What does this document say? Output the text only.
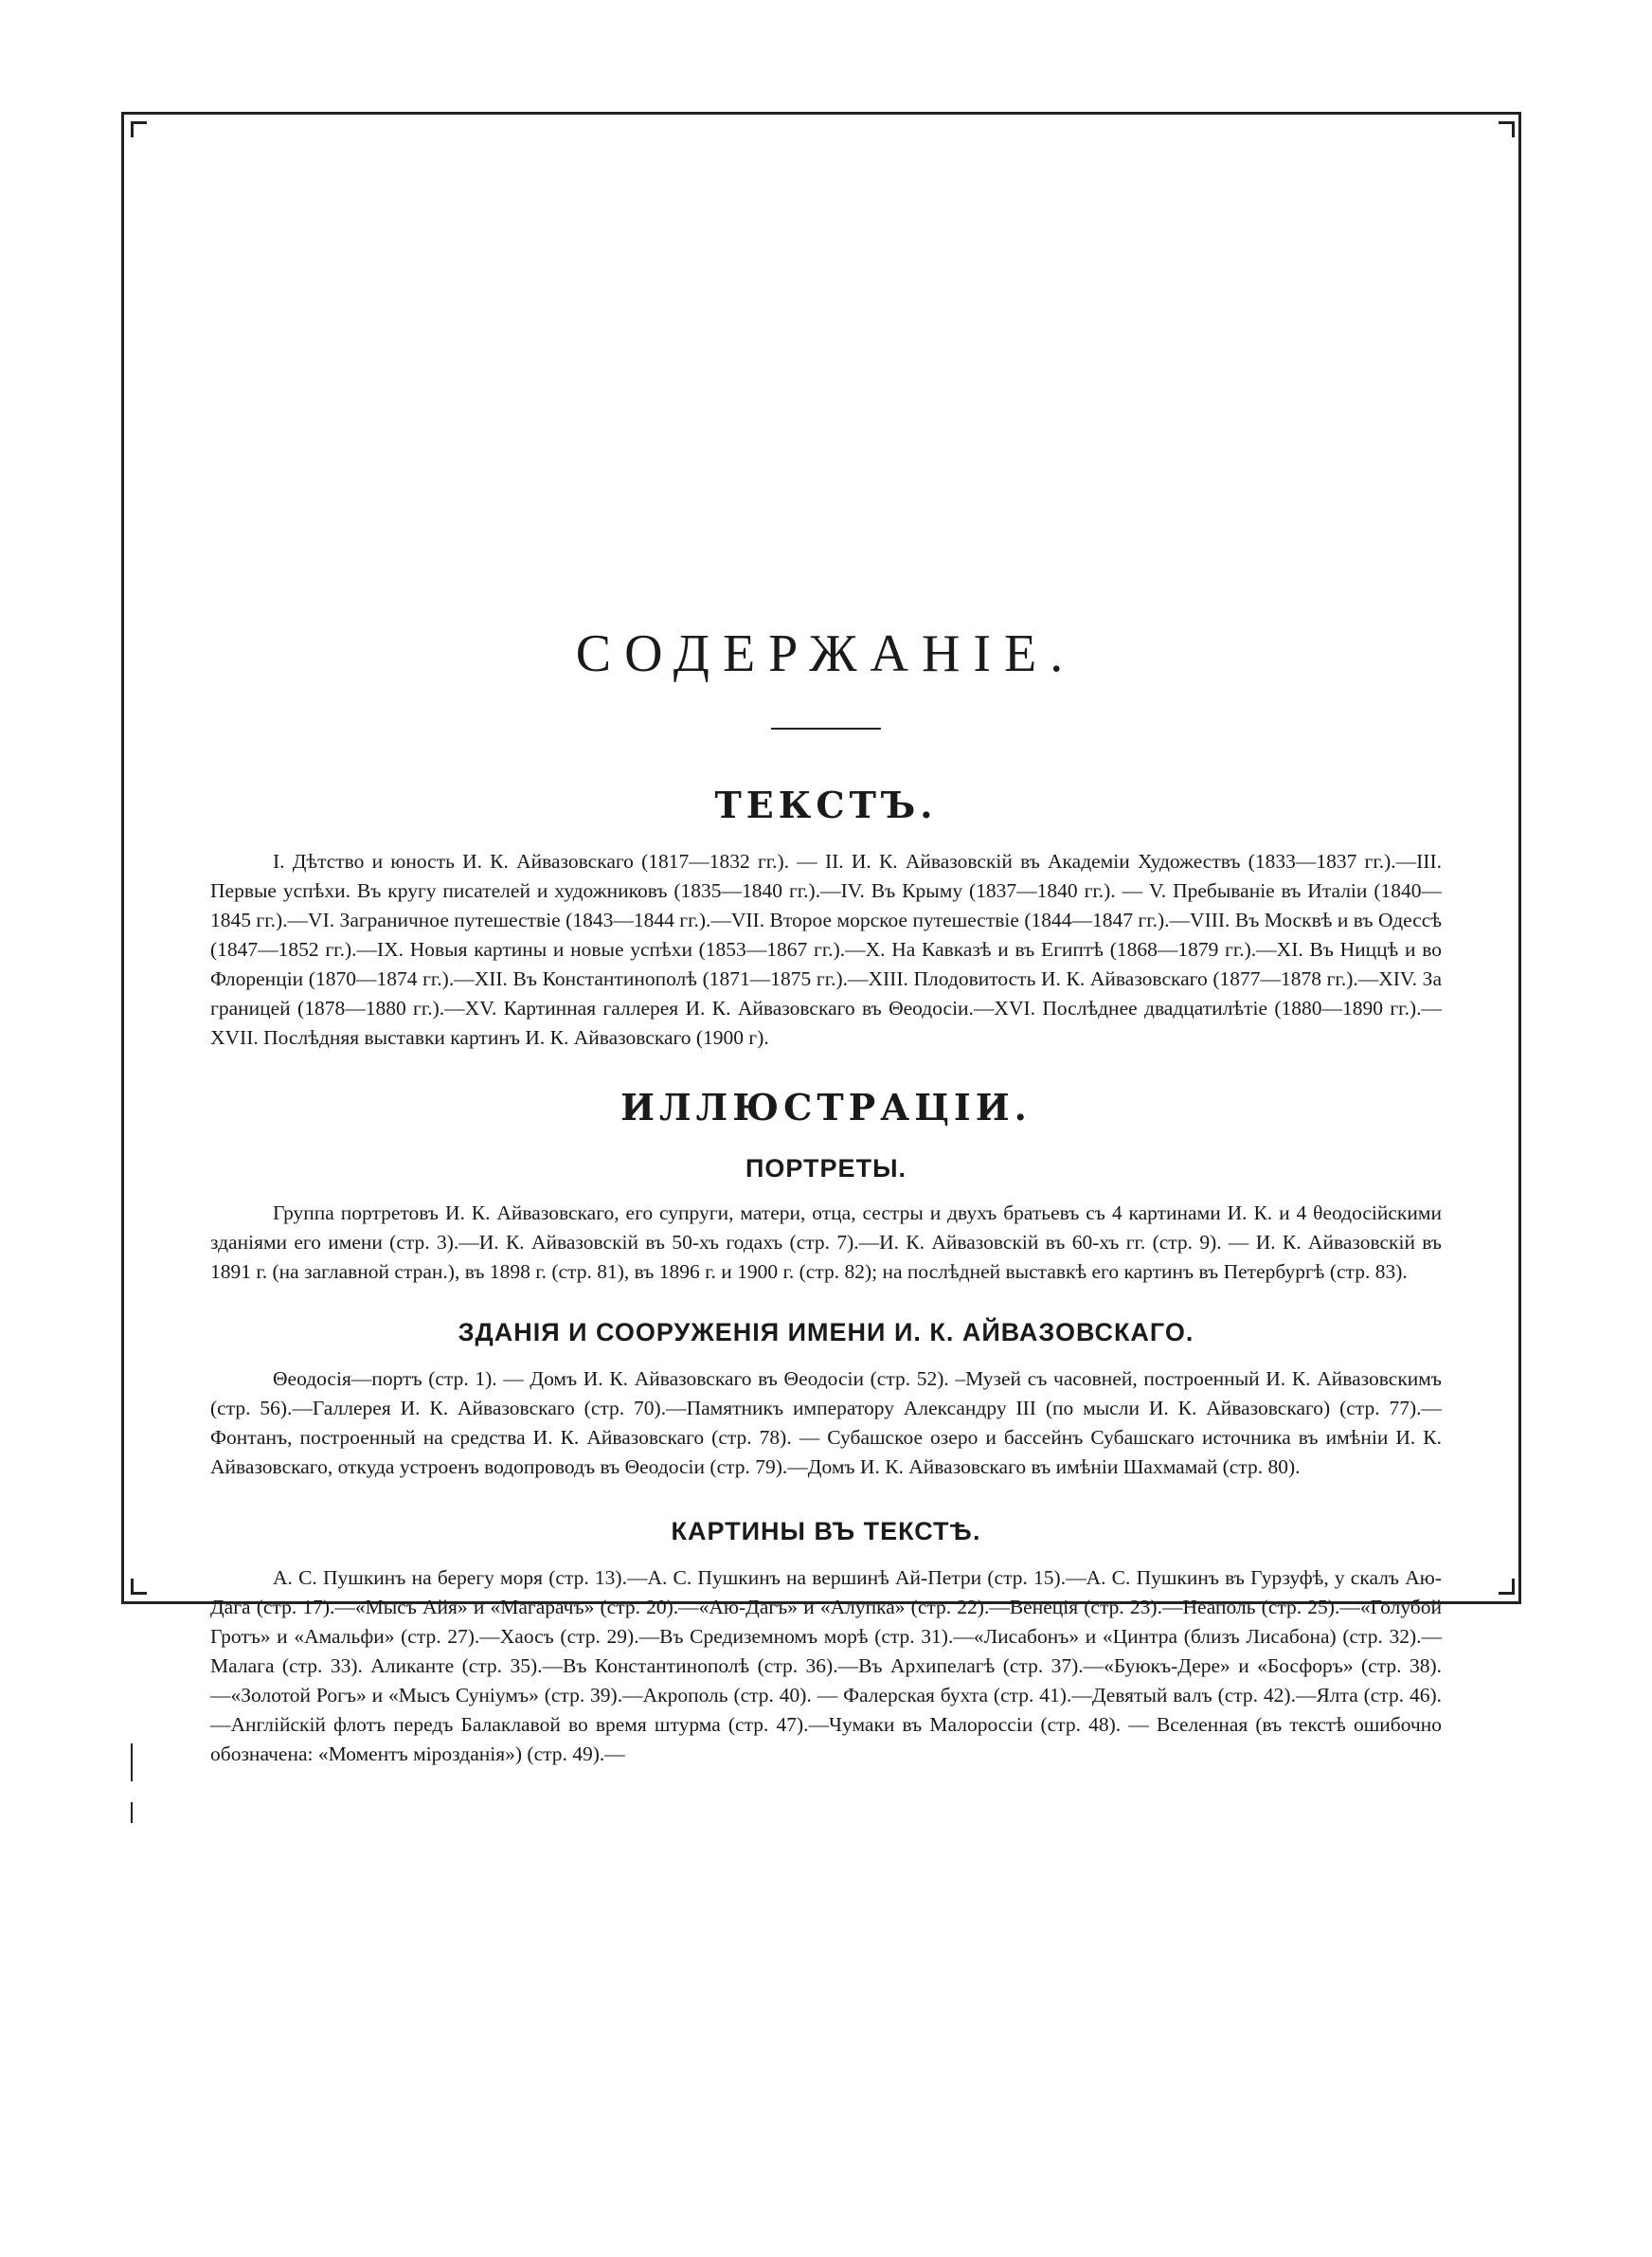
СОДЕРЖАНІЕ.
ТЕКСТЪ.

I. Дѣтство и юность И. К. Айвазовскаго (1817—1832 гг.). — II. И. К. Айвазовскій въ Академіи Художествъ (1833—1837 гг.).—III. Первые успѣхи. Въ кругу писателей и художниковъ (1835—1840 гг.).—IV. Въ Крыму (1837—1840 гг.). — V. Пребываніе въ Италіи (1840—1845 гг.).—VI. Заграничное путешествіе (1843—1844 гг.).—VII. Второе морское путешествіе (1844—1847 гг.).—VIII. Въ Москвѣ и въ Одессѣ (1847—1852 гг.).—IX. Новыя картины и новые успѣхи (1853—1867 гг.).—X. На Кавказѣ и въ Египтѣ (1868—1879 гг.).—XI. Въ Ниццѣ и во Флоренціи (1870—1874 гг.).—XII. Въ Константинополѣ (1871—1875 гг.).—XIII. Плодовитость И. К. Айвазовскаго (1877—1878 гг.).—XIV. За границей (1878—1880 гг.).—XV. Картинная галлерея И. К. Айвазовскаго въ Θеодосіи.—XVI. Послѣднее двадцатилѣтіе (1880—1890 гг.).—XVII. Послѣдняя выставки картинъ И. К. Айвазовскаго (1900 г).

ИЛЛЮСТРАЦІИ.
ПОРТРЕТЫ.

Группа портретовъ И. К. Айвазовскаго, его супруги, матери, отца, сестры и двухъ братьевъ съ 4 картинами И. К. и 4 θеодосійскими зданіями его имени (стр. 3).—И. К. Айвазовскій въ 50-хъ годахъ (стр. 7).—И. К. Айвазовскій въ 60-хъ гг. (стр. 9). — И. К. Айвазовскій въ 1891 г. (на заглавной стран.), въ 1898 г. (стр. 81), въ 1896 г. и 1900 г. (стр. 82); на послѣдней выставкѣ его картинъ въ Петербургѣ (стр. 83).

ЗДАНІЯ И СООРУЖЕНІЯ ИМЕНИ И. К. АЙВАЗОВСКАГО.

Θеодосія—портъ (стр. 1). — Домъ И. К. Айвазовскаго въ Θеодосіи (стр. 52). –Музей съ часовней, построенный И. К. Айвазовскимъ (стр. 56).—Галлерея И. К. Айвазовскаго (стр. 70).—Памятникъ императору Александру III (по мысли И. К. Айвазовскаго) (стр. 77).—Фонтанъ, построенный на средства И. К. Айвазовскаго (стр. 78). — Субашское озеро и бассейнъ Субашскаго источника въ имѣніи И. К. Айвазовскаго, откуда устроенъ водопроводъ въ Θеодосіи (стр. 79).—Домъ И. К. Айвазовскаго въ имѣніи Шахмамай (стр. 80).

КАРТИНЫ ВЪ ТЕКСТѢ.

А. С. Пушкинъ на берегу моря (стр. 13).—А. С. Пушкинъ на вершинѣ Ай-Петри (стр. 15).—А. С. Пушкинъ въ Гурзуфѣ, у скалъ Аю-Дага (стр. 17).—«Мысъ Айя» и «Магарачъ» (стр. 20).—«Аю-Дагъ» и «Алупка» (стр. 22).—Венеція (стр. 23).—Неаполь (стр. 25).—«Голубой Гротъ» и «Амальфи» (стр. 27).—Хаосъ (стр. 29).—Въ Средиземномъ морѣ (стр. 31).—«Лисабонъ» и «Цинтра (близъ Лисабона) (стр. 32).—Малага (стр. 33). Аликанте (стр. 35).—Въ Константинополѣ (стр. 36).—Въ Архипелагѣ (стр. 37).—«Буюкъ-Дере» и «Босфоръ» (стр. 38).—«Золотой Рогъ» и «Мысъ Суніумъ» (стр. 39).—Акрополь (стр. 40). — Фалерская бухта (стр. 41).—Девятый валъ (стр. 42).—Ялта (стр. 46).—Англійскій флотъ передъ Балаклавой во время штурма (стр. 47).—Чумаки въ Малороссіи (стр. 48). — Вселенная (въ текстѣ ошибочно обозначена: «Моментъ мірозданія») (стр. 49).—
